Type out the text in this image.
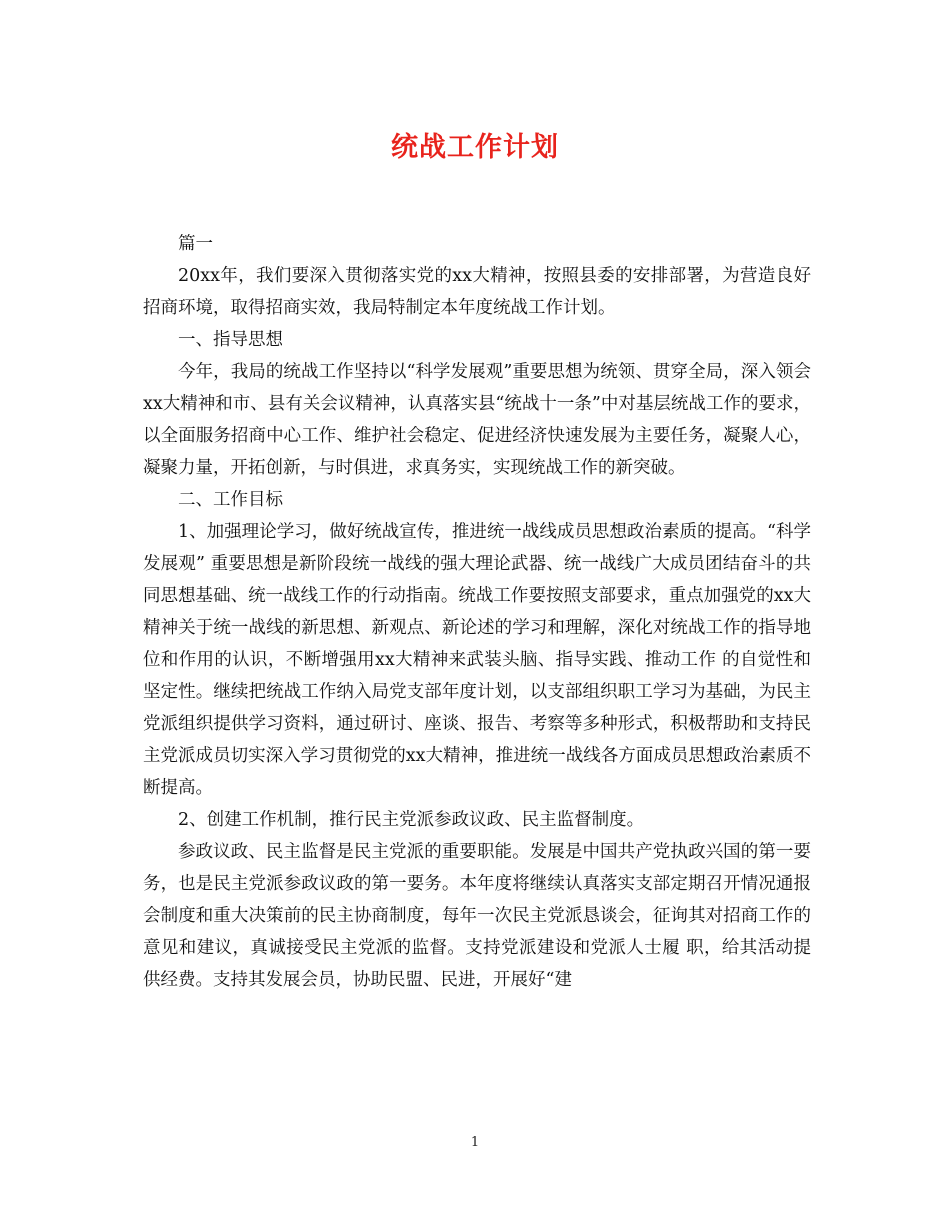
统战工作计划

篇一

20xx年，我们要深入贯彻落实党的xx大精神，按照县委的安排部署，为营造良好招商环境，取得招商实效，我局特制定本年度统战工作计划。

一、指导思想

今年，我局的统战工作坚持以“科学发展观”重要思想为统领、贯穿全局，深入领会xx大精神和市、县有关会议精神，认真落实县“统战十一条”中对基层统战工作的要求，以全面服务招商中心工作、维护社会稳定、促进经济快速发展为主要任务，凝聚人心，凝聚力量，开拓创新，与时俱进，求真务实，实现统战工作的新突破。

二、工作目标

1、加强理论学习，做好统战宣传，推进统一战线成员思想政治素质的提高。“科学发展观” 重要思想是新阶段统一战线的强大理论武器、统一战线广大成员团结奋斗的共同思想基础、统一战线工作的行动指南。统战工作要按照支部要求，重点加强党的xx大精神关于统一战线的新思想、新观点、新论述的学习和理解，深化对统战工作的指导地位和作用的认识，不断增强用xx大精神来武装头脑、指导实践、推动工作 的自觉性和坚定性。继续把统战工作纳入局党支部年度计划，以支部组织职工学习为基础，为民主党派组织提供学习资料，通过研讨、座谈、报告、考察等多种形式，积极帮助和支持民主党派成员切实深入学习贯彻党的xx大精神，推进统一战线各方面成员思想政治素质不断提高。

2、创建工作机制，推行民主党派参政议政、民主监督制度。

参政议政、民主监督是民主党派的重要职能。发展是中国共产党执政兴国的第一要务，也是民主党派参政议政的第一要务。本年度将继续认真落实支部定期召开情况通报会制度和重大决策前的民主协商制度，每年一次民主党派恳谈会，征询其对招商工作的意见和建议，真诚接受民主党派的监督。支持党派建设和党派人士履 职，给其活动提供经费。支持其发展会员，协助民盟、民进，开展好“建

1
